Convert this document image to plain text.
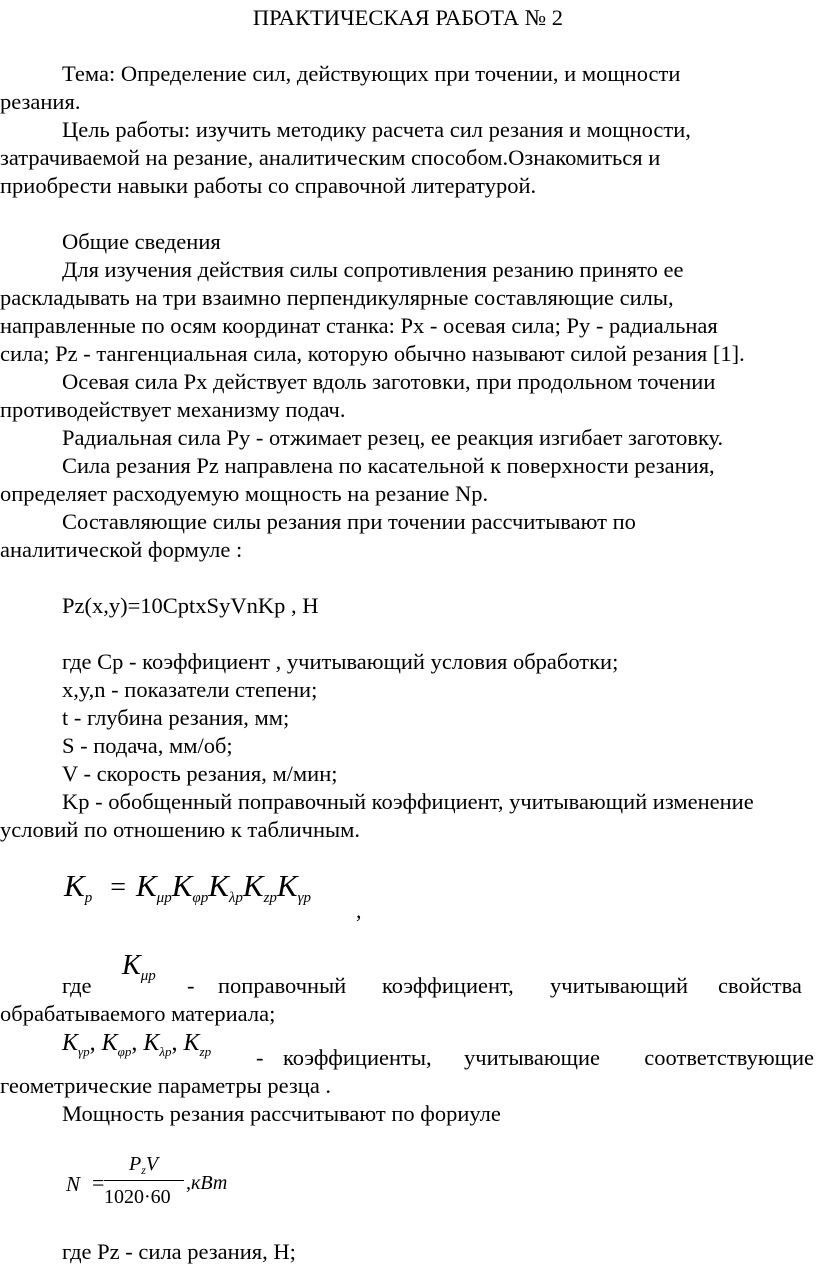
ПРАКТИЧЕСКАЯ РАБОТА № 2
Тема: Определение сил, действующих при точении, и мощности
резания.
Цель работы: изучить методику расчета сил резания и мощности,
затрачиваемой на резание, аналитическим способом.Ознакомиться и
приобрести навыки работы со справочной литературой.
Общие сведения
Для изучения действия силы сопротивления резанию принято ее
раскладывать на три взаимно перпендикулярные составляющие силы,
направленные по осям координат станка: Px - осевая сила; Py - радиальная
сила; Pz - тангенциальная сила, которую обычно называют силой резания [1].
Осевая сила Px действует вдоль заготовки, при продольном точении
противодействует механизму подач.
Радиальная сила Py - отжимает резец, ее реакция изгибает заготовку.
Сила резания Pz направлена по касательной к поверхности резания,
определяет расходуемую мощность на резание Np.
Составляющие силы резания при точении рассчитывают по
аналитической формуле :
Pz(x,y)=10CptxSyVnKp , H
где Cp - коэффициент , учитывающий условия обработки;
x,y,n - показатели степени;
t - глубина резания, мм;
S - подача, мм/об;
V - скорость резания, м/мин;
Kp - обобщенный поправочный коэффициент, учитывающий изменение
условий по отношению к табличным.
Kp = KμpKφpKλpKzpKγp ,
Kμp
где	- поправочный коэффициент, учитывающий свойства
обрабатываемого материала;
$K_{\gamma p}$, $K_{\varphi p}$, $K_{\lambda p}$, $K_{zp}$ - коэффициенты, учитывающие соответствующие
геометрические параметры резца .
Мощность резания рассчитывают по фориуле
N =
$P_zV$
1020·60
,кВт
где Pz - сила резания, H;
